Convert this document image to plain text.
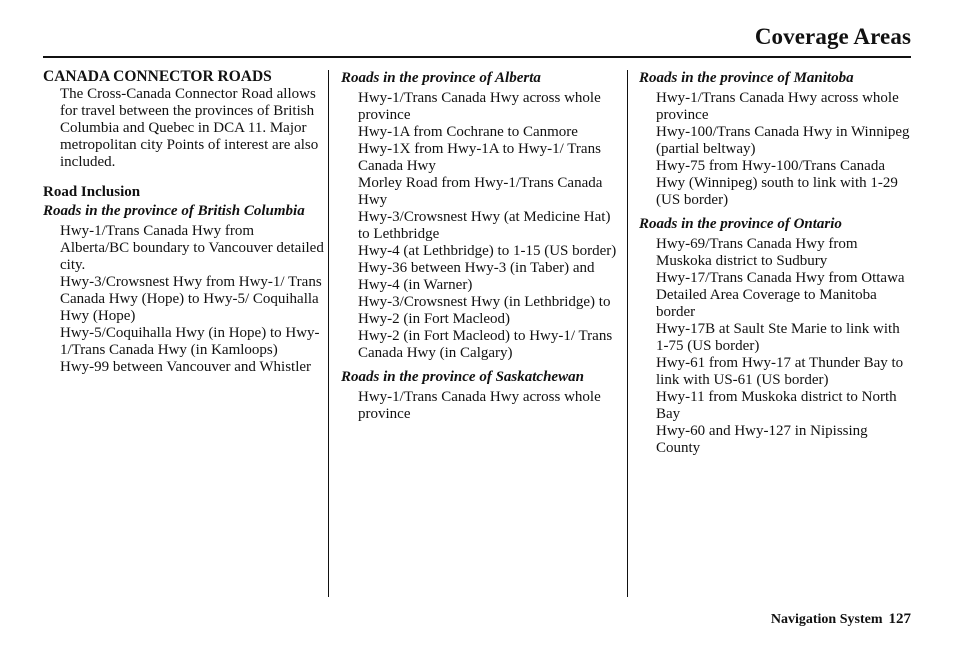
Coverage Areas
CANADA CONNECTOR ROADS
The Cross-Canada Connector Road allows for travel between the provinces of British Columbia and Quebec in DCA 11. Major metropolitan city Points of interest are also included.
Road Inclusion
Roads in the province of British Columbia
Hwy-1/Trans Canada Hwy from Alberta/BC boundary to Vancouver detailed city.
Hwy-3/Crowsnest Hwy from Hwy-1/ Trans Canada Hwy (Hope) to Hwy-5/ Coquihalla Hwy (Hope)
Hwy-5/Coquihalla Hwy (in Hope) to Hwy-1/Trans Canada Hwy (in Kamloops)
Hwy-99 between Vancouver and Whistler
Roads in the province of Alberta
Hwy-1/Trans Canada Hwy across whole province
Hwy-1A from Cochrane to Canmore
Hwy-1X from Hwy-1A to Hwy-1/ Trans Canada Hwy
Morley Road from Hwy-1/Trans Canada Hwy
Hwy-3/Crowsnest Hwy (at Medicine Hat) to Lethbridge
Hwy-4 (at Lethbridge) to 1-15 (US border)
Hwy-36 between Hwy-3 (in Taber) and Hwy-4 (in Warner)
Hwy-3/Crowsnest Hwy (in Lethbridge) to Hwy-2 (in Fort Macleod)
Hwy-2 (in Fort Macleod) to Hwy-1/ Trans Canada Hwy (in Calgary)
Roads in the province of Saskatchewan
Hwy-1/Trans Canada Hwy across whole province
Roads in the province of Manitoba
Hwy-1/Trans Canada Hwy across whole province
Hwy-100/Trans Canada Hwy in Winnipeg (partial beltway)
Hwy-75 from Hwy-100/Trans Canada Hwy (Winnipeg) south to link with 1-29 (US border)
Roads in the province of Ontario
Hwy-69/Trans Canada Hwy from Muskoka district to Sudbury
Hwy-17/Trans Canada Hwy from Ottawa Detailed Area Coverage to Manitoba border
Hwy-17B at Sault Ste Marie to link with 1-75 (US border)
Hwy-61 from Hwy-17 at Thunder Bay to link with US-61 (US border)
Hwy-11 from Muskoka district to North Bay
Hwy-60 and Hwy-127 in Nipissing County
Navigation System 127
